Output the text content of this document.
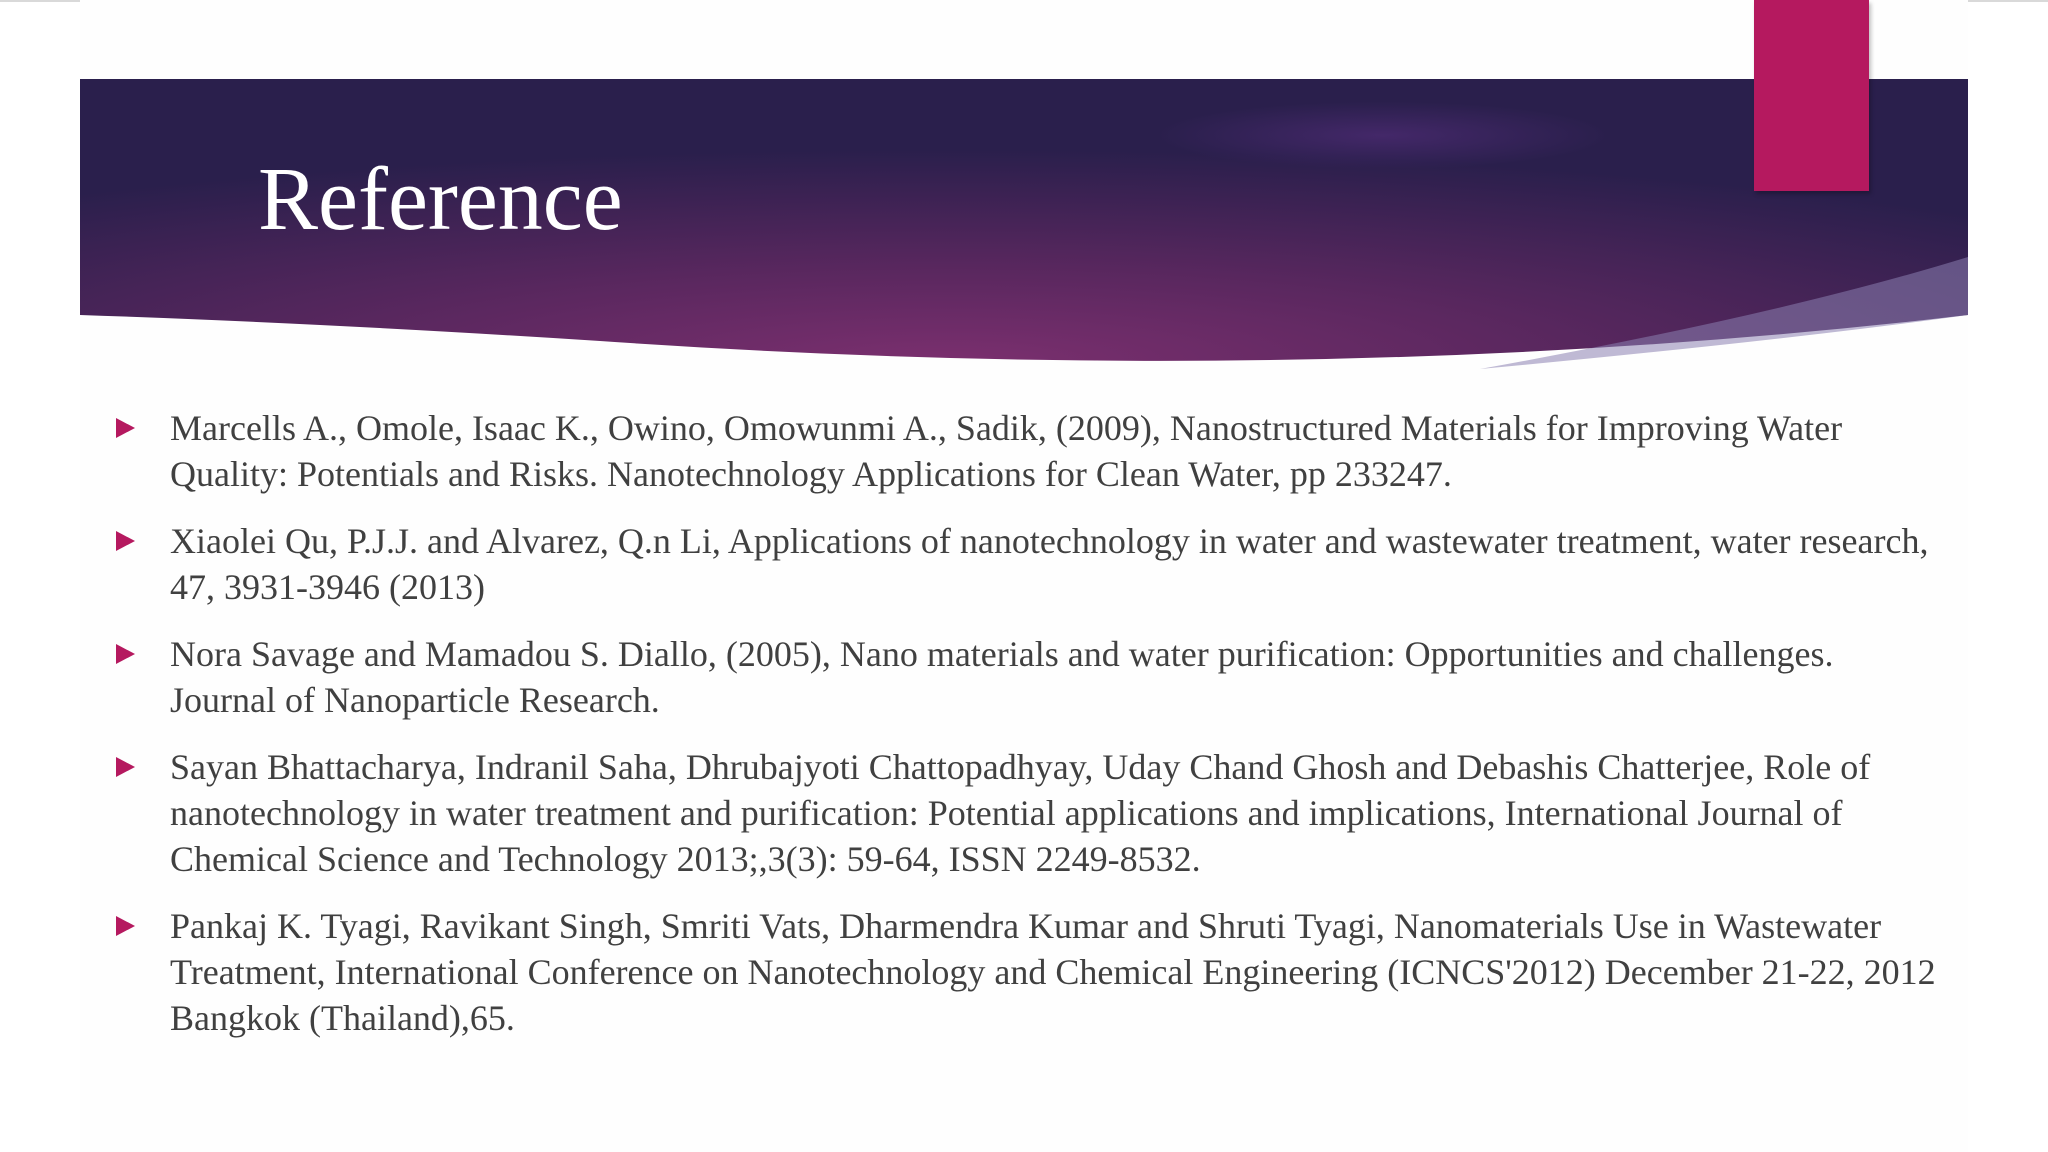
Reference
Marcells A., Omole, Isaac K., Owino, Omowunmi A., Sadik, (2009), Nanostructured Materials for Improving Water Quality: Potentials and Risks. Nanotechnology Applications for Clean Water, pp 233247.
Xiaolei Qu, P.J.J. and Alvarez, Q.n Li, Applications of nanotechnology in water and wastewater treatment, water research, 47, 3931-3946 (2013)
Nora Savage and Mamadou S. Diallo, (2005), Nano materials and water purification: Opportunities and challenges. Journal of Nanoparticle Research.
Sayan Bhattacharya, Indranil Saha, Dhrubajyoti Chattopadhyay, Uday Chand Ghosh and Debashis Chatterjee, Role of nanotechnology in water treatment and purification: Potential applications and implications, International Journal of Chemical Science and Technology 2013;,3(3): 59-64, ISSN 2249-8532.
Pankaj K. Tyagi, Ravikant Singh, Smriti Vats, Dharmendra Kumar and Shruti Tyagi, Nanomaterials Use in Wastewater Treatment, International Conference on Nanotechnology and Chemical Engineering (ICNCS'2012) December 21-22, 2012 Bangkok (Thailand),65.
